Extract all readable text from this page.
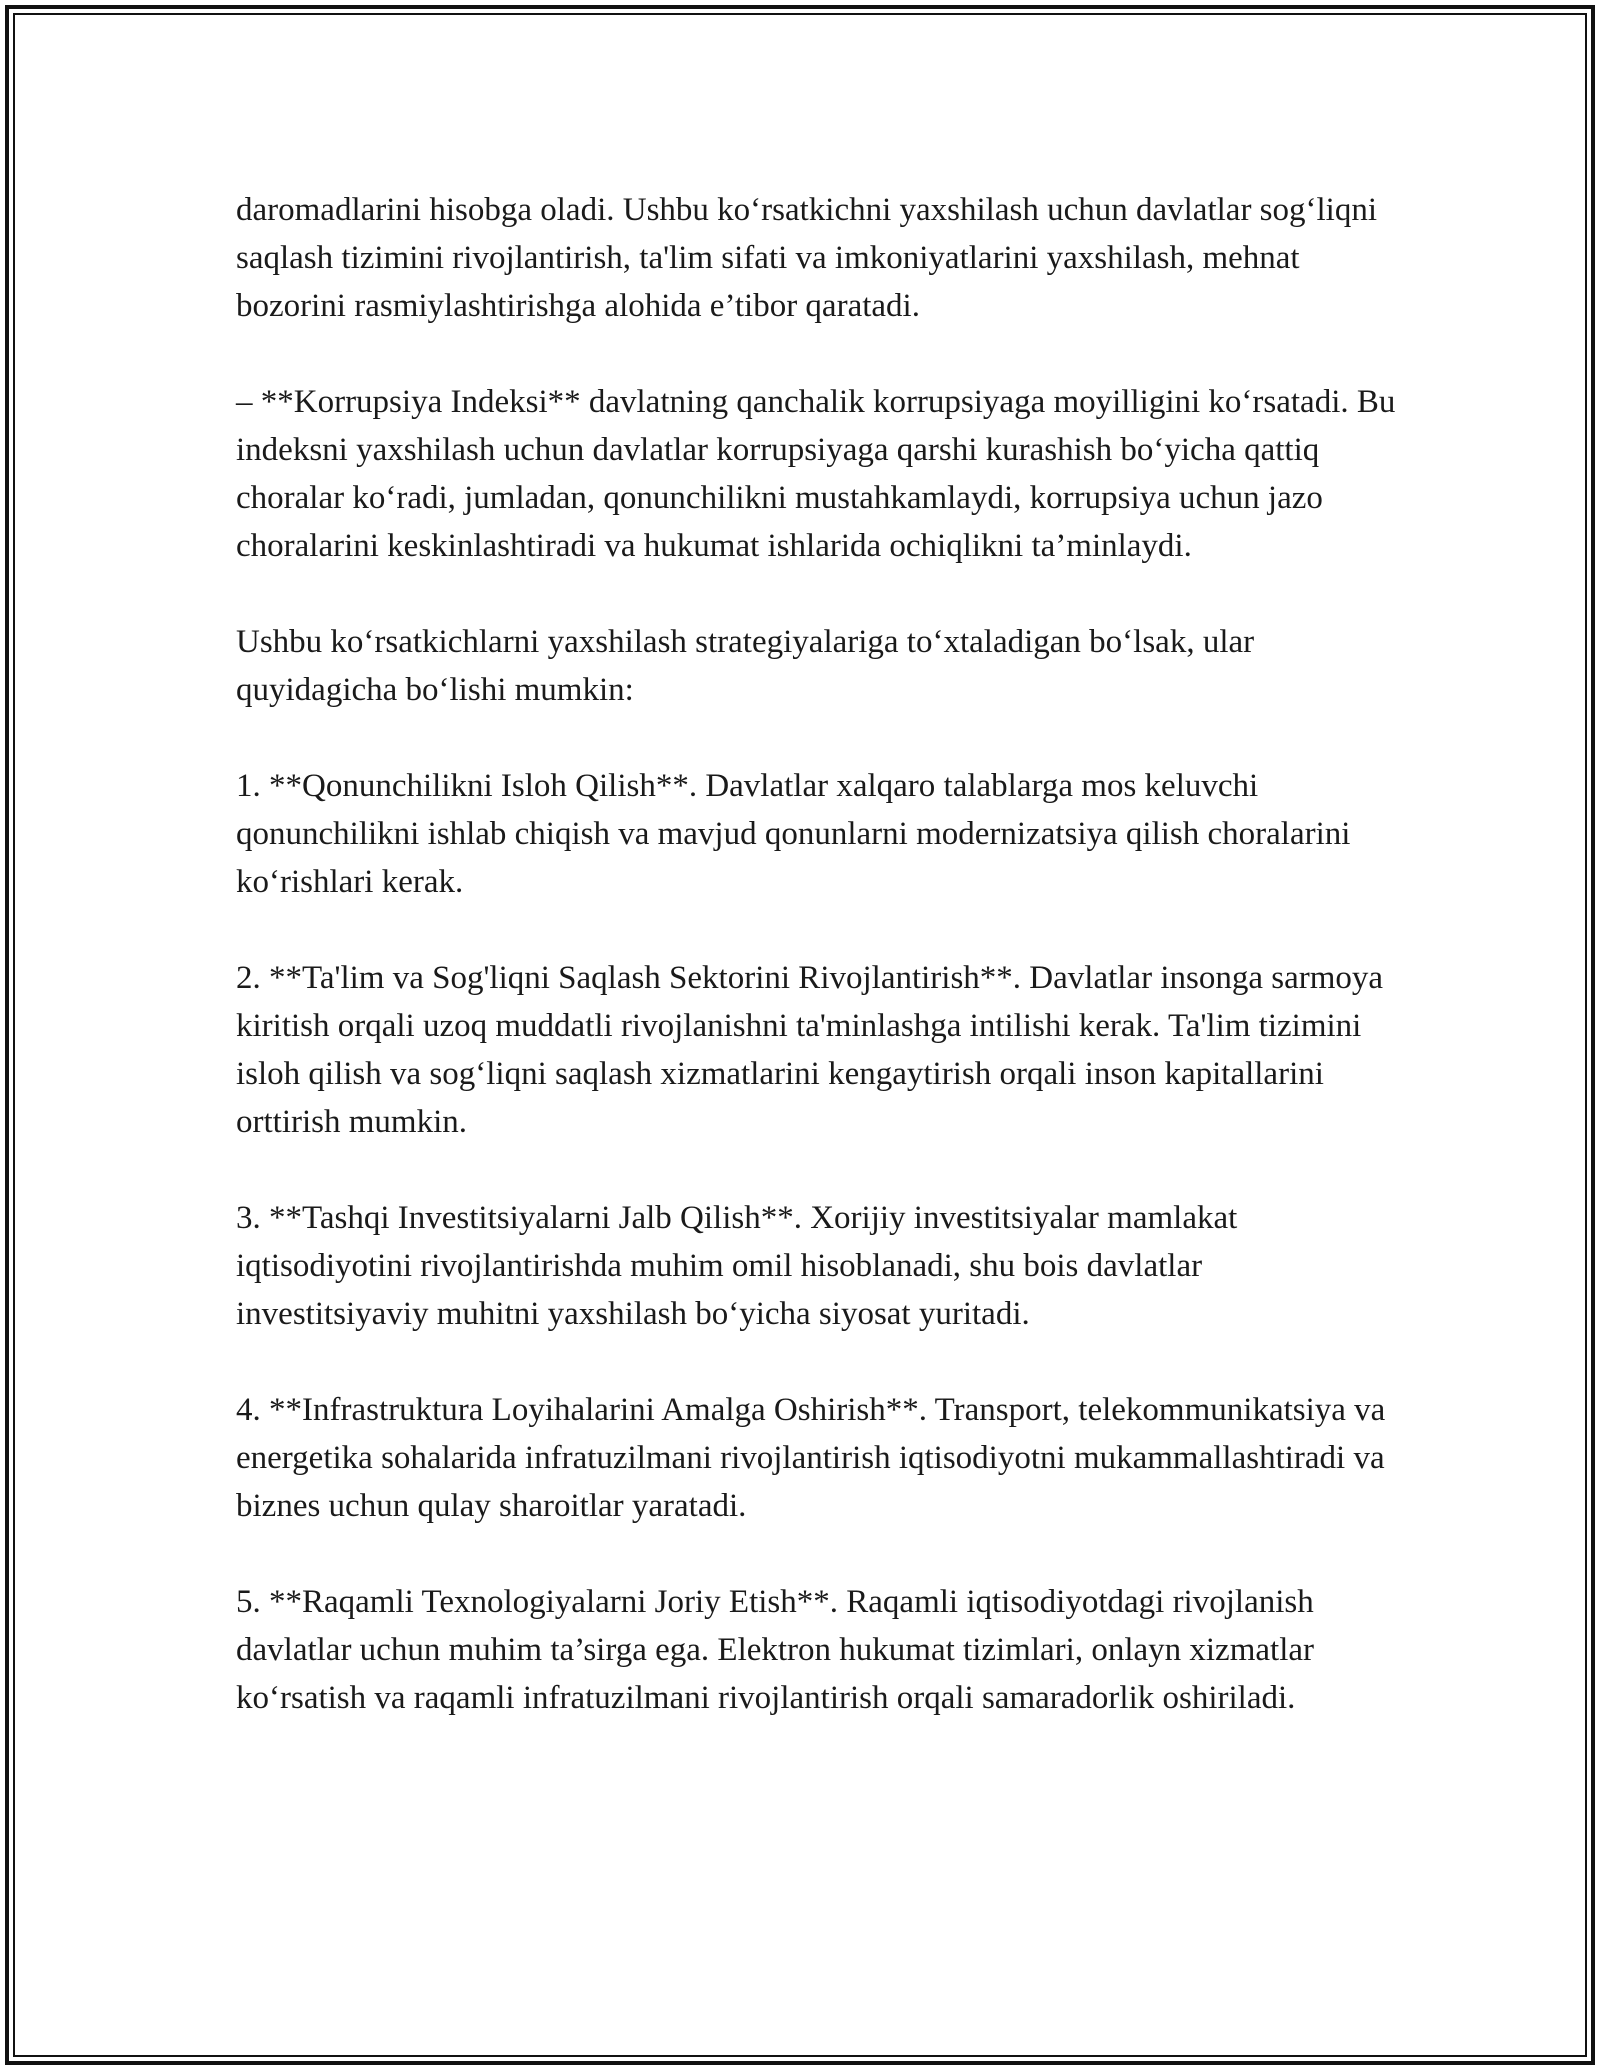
daromadlarini hisobga oladi. Ushbu koʻrsatkichni yaxshilash uchun davlatlar sogʻliqni saqlash tizimini rivojlantirish, ta'lim sifati va imkoniyatlarini yaxshilash, mehnat bozorini rasmiylashtirishga alohida e’tibor qaratadi.

– **Korrupsiya Indeksi** davlatning qanchalik korrupsiyaga moyilligini koʻrsatadi. Bu indeksni yaxshilash uchun davlatlar korrupsiyaga qarshi kurashish boʻyicha qattiq choralar koʻradi, jumladan, qonunchilikni mustahkamlaydi, korrupsiya uchun jazo choralarini keskinlashtiradi va hukumat ishlarida ochiqlikni ta’minlaydi.

Ushbu koʻrsatkichlarni yaxshilash strategiyalariga toʻxtaladigan boʻlsak, ular quyidagicha boʻlishi mumkin:

1. **Qonunchilikni Isloh Qilish**. Davlatlar xalqaro talablarga mos keluvchi qonunchilikni ishlab chiqish va mavjud qonunlarni modernizatsiya qilish choralarini koʻrishlari kerak.

2. **Ta'lim va Sog'liqni Saqlash Sektorini Rivojlantirish**. Davlatlar insonga sarmoya kiritish orqali uzoq muddatli rivojlanishni ta'minlashga intilishi kerak. Ta'lim tizimini isloh qilish va sogʻliqni saqlash xizmatlarini kengaytirish orqali inson kapitallarini orttirish mumkin.

3. **Tashqi Investitsiyalarni Jalb Qilish**. Xorijiy investitsiyalar mamlakat iqtisodiyotini rivojlantirishda muhim omil hisoblanadi, shu bois davlatlar investitsiyaviy muhitni yaxshilash boʻyicha siyosat yuritadi.

4. **Infrastruktura Loyihalarini Amalga Oshirish**. Transport, telekommunikatsiya va energetika sohalarida infratuzilmani rivojlantirish iqtisodiyotni mukammallashtiradi va biznes uchun qulay sharoitlar yaratadi.

5. **Raqamli Texnologiyalarni Joriy Etish**. Raqamli iqtisodiyotdagi rivojlanish davlatlar uchun muhim ta’sirga ega. Elektron hukumat tizimlari, onlayn xizmatlar koʻrsatish va raqamli infratuzilmani rivojlantirish orqali samaradorlik oshiriladi.
